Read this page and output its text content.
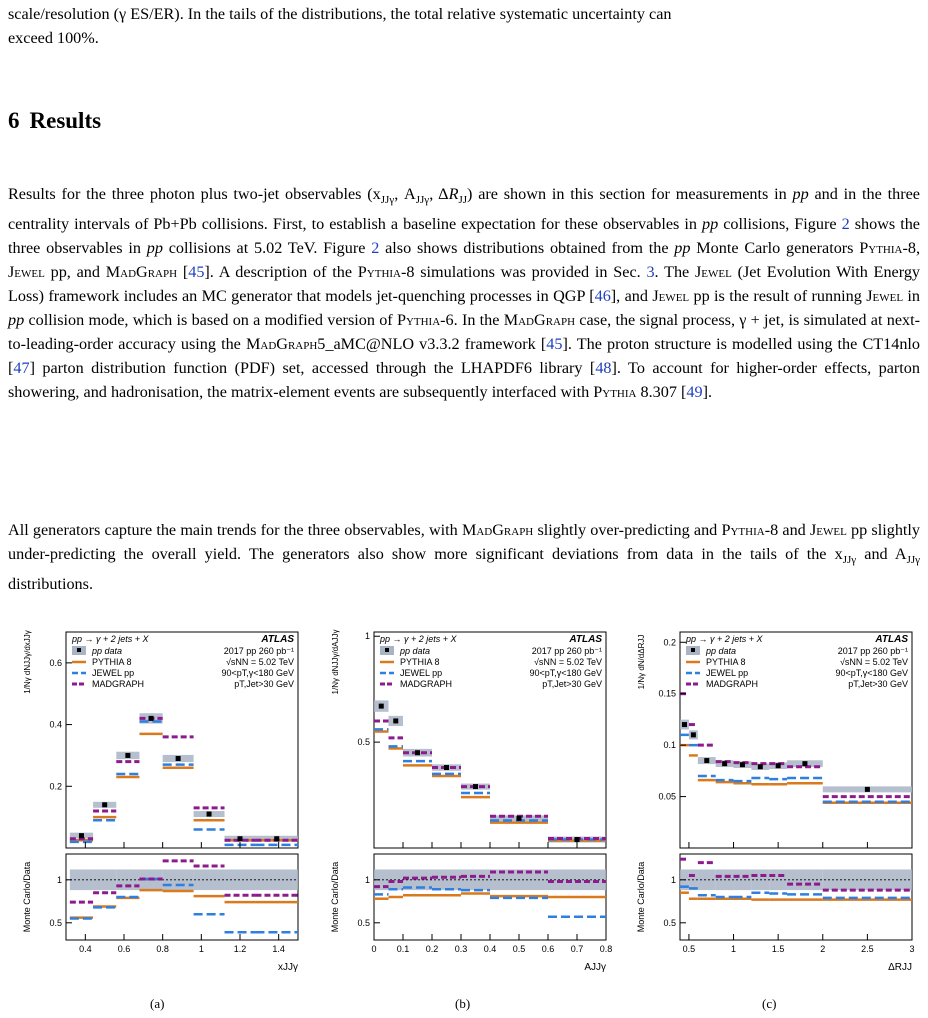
scale/resolution (γ ES/ER). In the tails of the distributions, the total relative systematic uncertainty can
exceed 100%.

6 Results

Results for the three photon plus two-jet observables ($x_{JJ\gamma}$, $A_{JJ\gamma}$, $\Delta R_{JJ}$) are shown in this section for measurements in pp and in the three centrality intervals of Pb+Pb collisions. First, to establish a baseline expectation for these observables in pp collisions, Figure 2 shows the three observables in pp collisions at 5.02 TeV. Figure 2 also shows distributions obtained from the pp Monte Carlo generators Pythia-8, Jewel pp, and MadGraph [45]. A description of the Pythia-8 simulations was provided in Sec. 3. The Jewel (Jet Evolution With Energy Loss) framework includes an MC generator that models jet-quenching processes in QGP [46], and Jewel pp is the result of running Jewel in pp collision mode, which is based on a modified version of Pythia-6. In the MadGraph case, the signal process, γ + jet, is simulated at next-to-leading-order accuracy using the MadGraph5_aMC@NLO v3.3.2 framework [45]. The proton structure is modelled using the CT14nlo [47] parton distribution function (PDF) set, accessed through the LHAPDF6 library [48]. To account for higher-order effects, parton showering, and hadronisation, the matrix-element events are subsequently interfaced with Pythia 8.307 [49].

All generators capture the main trends for the three observables, with MadGraph slightly over-predicting and Pythia-8 and Jewel pp slightly under-predicting the overall yield. The generators also show more significant deviations from data in the tails of the $x_{JJ\gamma}$ and $A_{JJ\gamma}$ distributions.

0.2
0.4
0.6
0.5
1
0.4	0.6	0.8	1	1.2	1.4
xJJγ
Monte Carlo/Data
1/Nγ dNJJγ/dxJJγ	pp → γ + 2 jets + X
pp data
PYTHIA 8
JEWEL pp
MADGRAPH
ATLAS
2017 pp 260 pb⁻¹
√sNN = 5.02 TeV
90<pT,γ<180 GeV
pT,Jet>30 GeV
0.5
1
0.5
1
0 0.1 0.2 0.3 0.4 0.5 0.6 0.7 0.8
AJJγ
Monte Carlo/Data
1/Nγ dNJJγ/dAJJγ	pp → γ + 2 jets + X
pp data
PYTHIA 8
JEWEL pp
MADGRAPH
ATLAS
2017 pp 260 pb⁻¹
√sNN = 5.02 TeV
90<pT,γ<180 GeV
pT,Jet>30 GeV
0.05
0.1
0.15
0.2
0.5
1
0.5	1	1.5	2	2.5	3
ΔRJJ
Monte Carlo/Data
1/Nγ dN/dΔRJJ	pp → γ + 2 jets + X
pp data
PYTHIA 8
JEWEL pp
MADGRAPH
ATLAS
2017 pp 260 pb⁻¹
√sNN = 5.02 TeV
90<pT,γ<180 GeV
pT,Jet>30 GeV
(a)	(b)	(c)
